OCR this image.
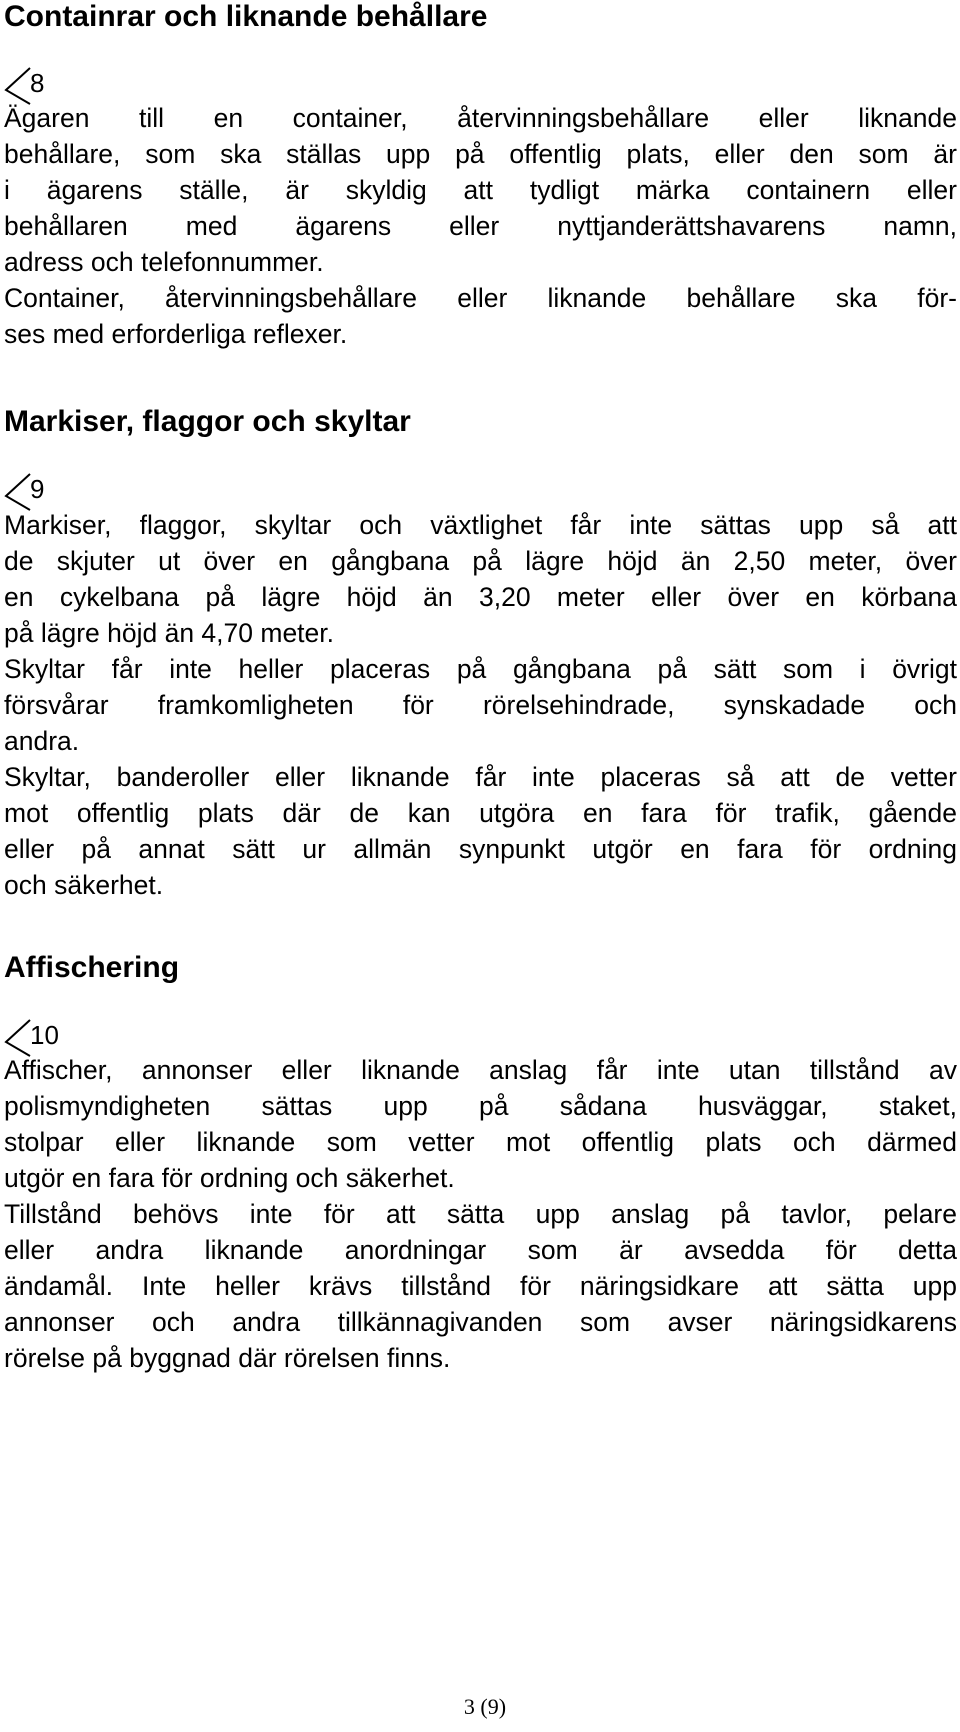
Containrar och liknande behållare
8
Ägaren till en container, återvinningsbehållare eller liknande
behållare, som ska ställas upp på offentlig plats, eller den som är
i ägarens ställe, är skyldig att tydligt märka containern eller
behållaren med ägarens eller nyttjanderättshavarens namn,
adress och telefonnummer.
Container, återvinningsbehållare eller liknande behållare ska för-
ses med erforderliga reflexer.
Markiser, flaggor och skyltar
9
Markiser, flaggor, skyltar och växtlighet får inte sättas upp så att
de skjuter ut över en gångbana på lägre höjd än 2,50 meter, över
en cykelbana på lägre höjd än 3,20 meter eller över en körbana
på lägre höjd än 4,70 meter.
Skyltar får inte heller placeras på gångbana på sätt som i övrigt
försvårar framkomligheten för rörelsehindrade, synskadade och
andra.
Skyltar, banderoller eller liknande får inte placeras så att de vetter
mot offentlig plats där de kan utgöra en fara för trafik, gående
eller på annat sätt ur allmän synpunkt utgör en fara för ordning
och säkerhet.
Affischering
10
Affischer, annonser eller liknande anslag får inte utan tillstånd av
polismyndigheten sättas upp på sådana husväggar, staket,
stolpar eller liknande som vetter mot offentlig plats och därmed
utgör en fara för ordning och säkerhet.
Tillstånd behövs inte för att sätta upp anslag på tavlor, pelare
eller andra liknande anordningar som är avsedda för detta
ändamål. Inte heller krävs tillstånd för näringsidkare att sätta upp
annonser och andra tillkännagivanden som avser näringsidkarens
rörelse på byggnad där rörelsen finns.
3 (9)
